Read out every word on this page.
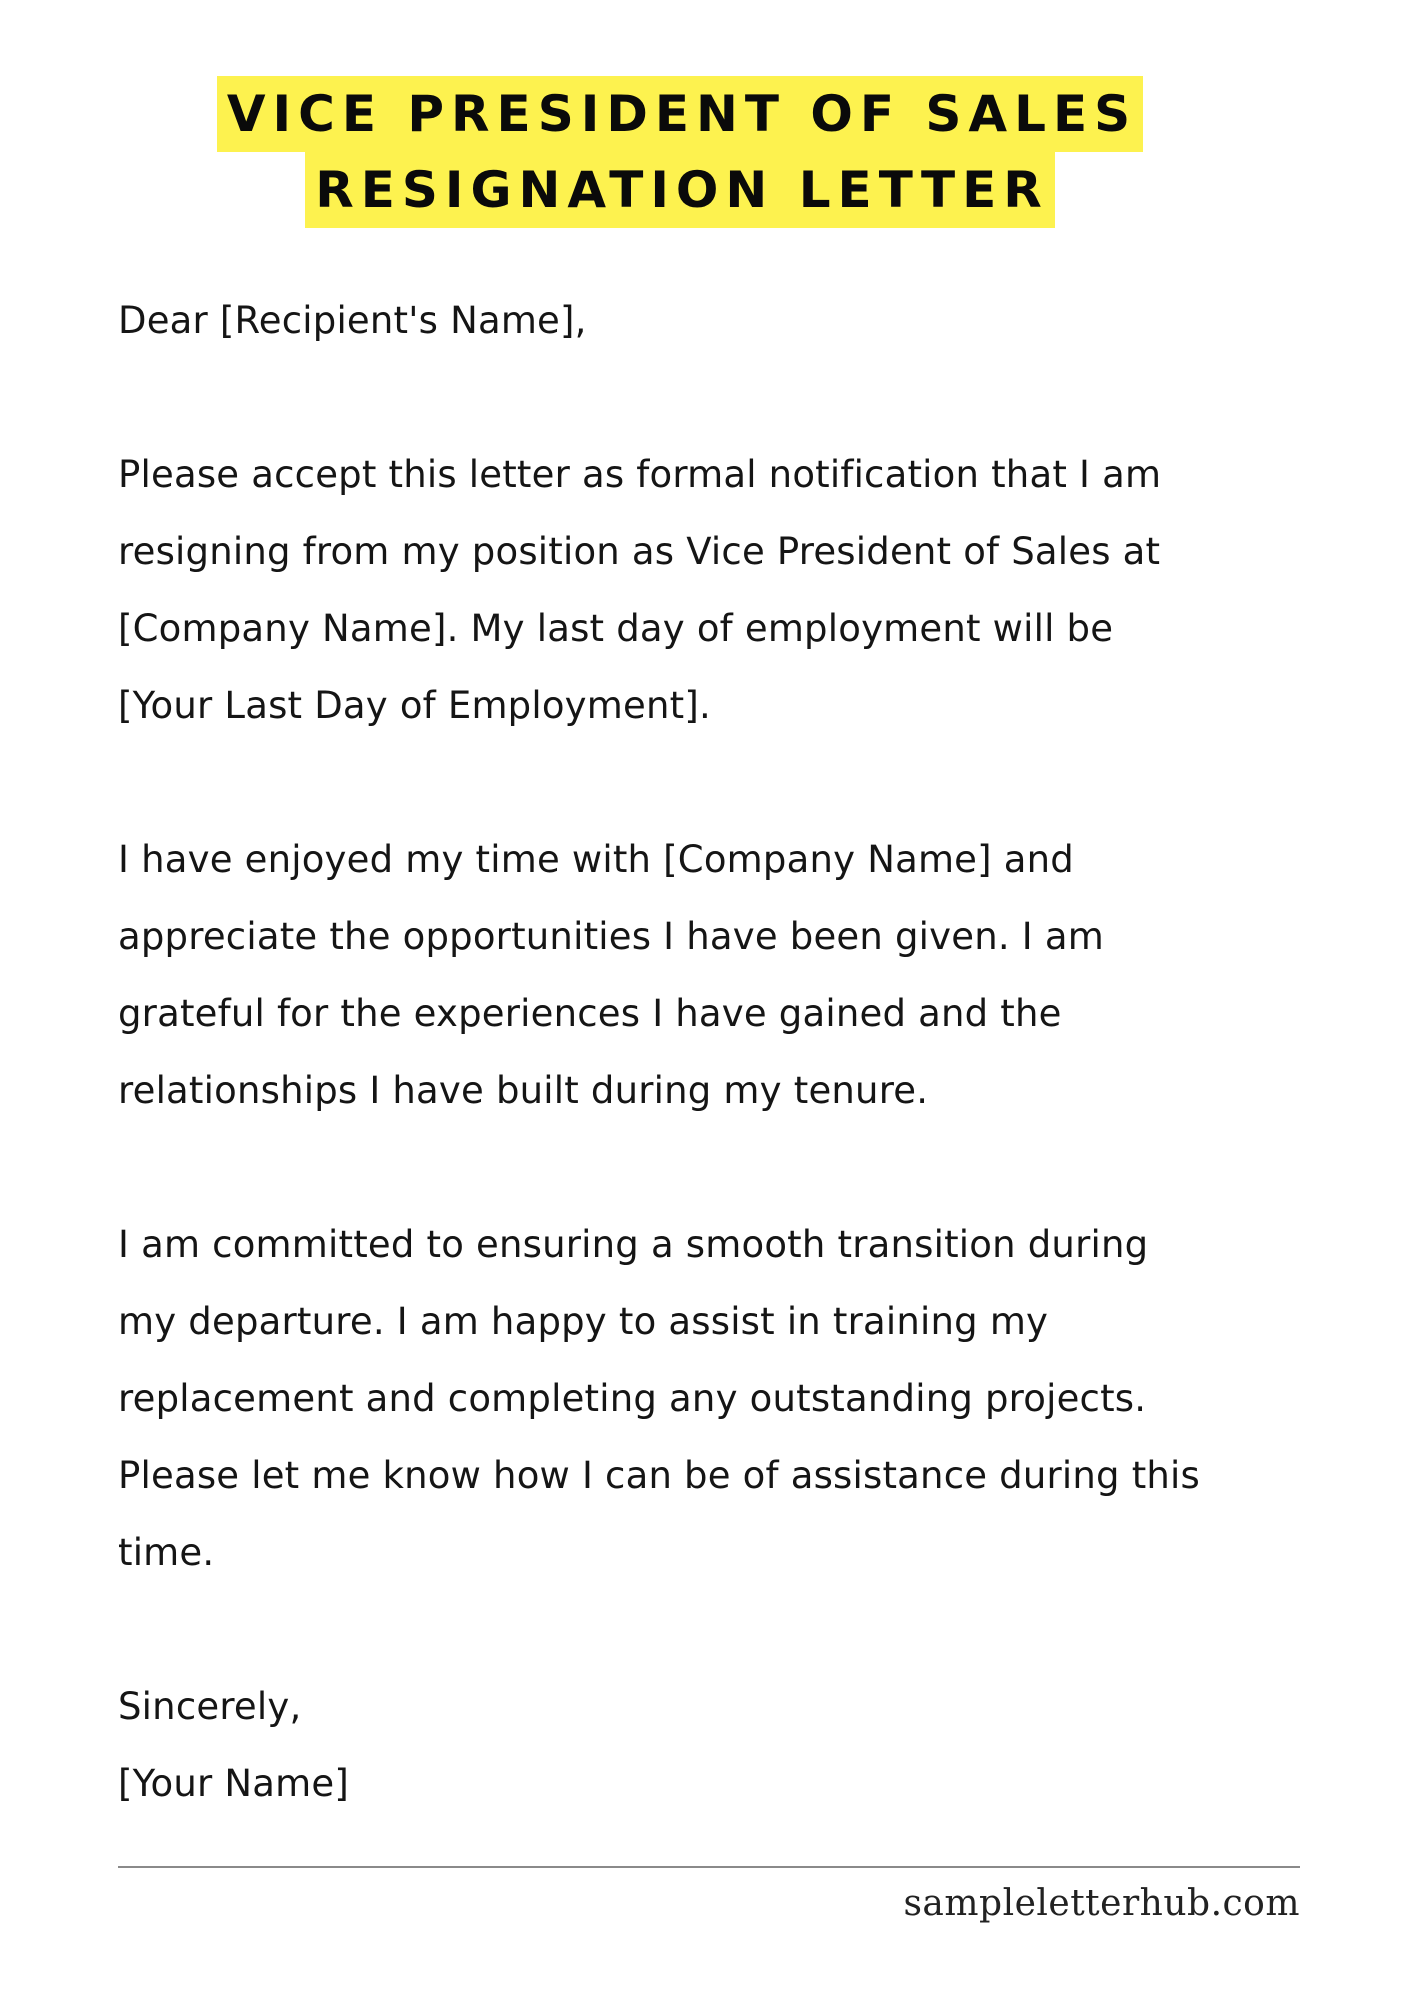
VICE PRESIDENT OF SALES
RESIGNATION LETTER

Dear [Recipient's Name],

Please accept this letter as formal notification that I am

resigning from my position as Vice President of Sales at

[Company Name]. My last day of employment will be

[Your Last Day of Employment].

I have enjoyed my time with [Company Name] and

appreciate the opportunities I have been given. I am

grateful for the experiences I have gained and the

relationships I have built during my tenure.

I am committed to ensuring a smooth transition during

my departure. I am happy to assist in training my

replacement and completing any outstanding projects.

Please let me know how I can be of assistance during this

time.

Sincerely,

[Your Name]

sampleletterhub.com
